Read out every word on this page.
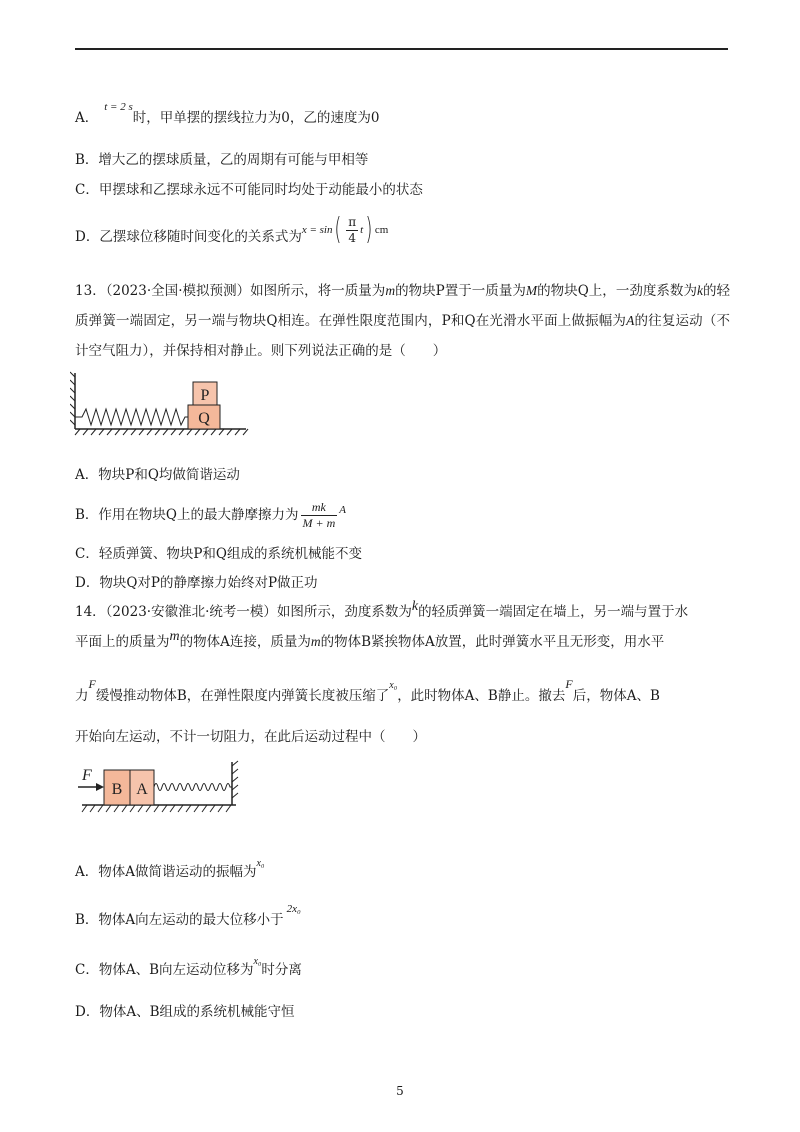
A．$^{t = 2 s}$时，甲单摆的摆线拉力为0，乙的速度为0
B．增大乙的摆球质量，乙的周期有可能与甲相等
C．甲摆球和乙摆球永远不可能同时均处于动能最小的状态
D．乙摆球位移随时间变化的关系式为$^{x = sin( \frac{\pi}{4} t) cm}$
13．（2023·全国·模拟预测）如图所示，将一质量为m的物块P置于一质量为M的物块Q上，一劲度系数为k的轻质弹簧一端固定，另一端与物块Q相连。在弹性限度范围内，P和Q在光滑水平面上做振幅为A的往复运动（不计空气阻力），并保持相对静止。则下列说法正确的是（　　）
Q
P
A．物块P和Q均做简谐运动
B．作用在物块Q上的最大静摩擦力为 $\frac{mk}{M + m} ^A$
C．轻质弹簧、物块P和Q组成的系统机械能不变
D．物块Q对P的静摩擦力始终对P做正功
14．（2023·安徽淮北·统考一模）如图所示，劲度系数为k的轻质弹簧一端固定在墙上，另一端与置于水
平面上的质量为m的物体A连接，质量为m的物体B紧挨物体A放置，此时弹簧水平且无形变，用水平
力F缓慢推动物体B，在弹性限度内弹簧长度被压缩了$^{x_0}$，此时物体A、B静止。撤去F后，物体A、B
开始向左运动，不计一切阻力，在此后运动过程中（　　）
B A
F
A．物体A做简谐运动的振幅为$^{x_0}$
B．物体A向左运动的最大位移小于$^{2x_0}$
C．物体A、B向左运动位移为$^{x_0}$时分离
D．物体A、B组成的系统机械能守恒
5
